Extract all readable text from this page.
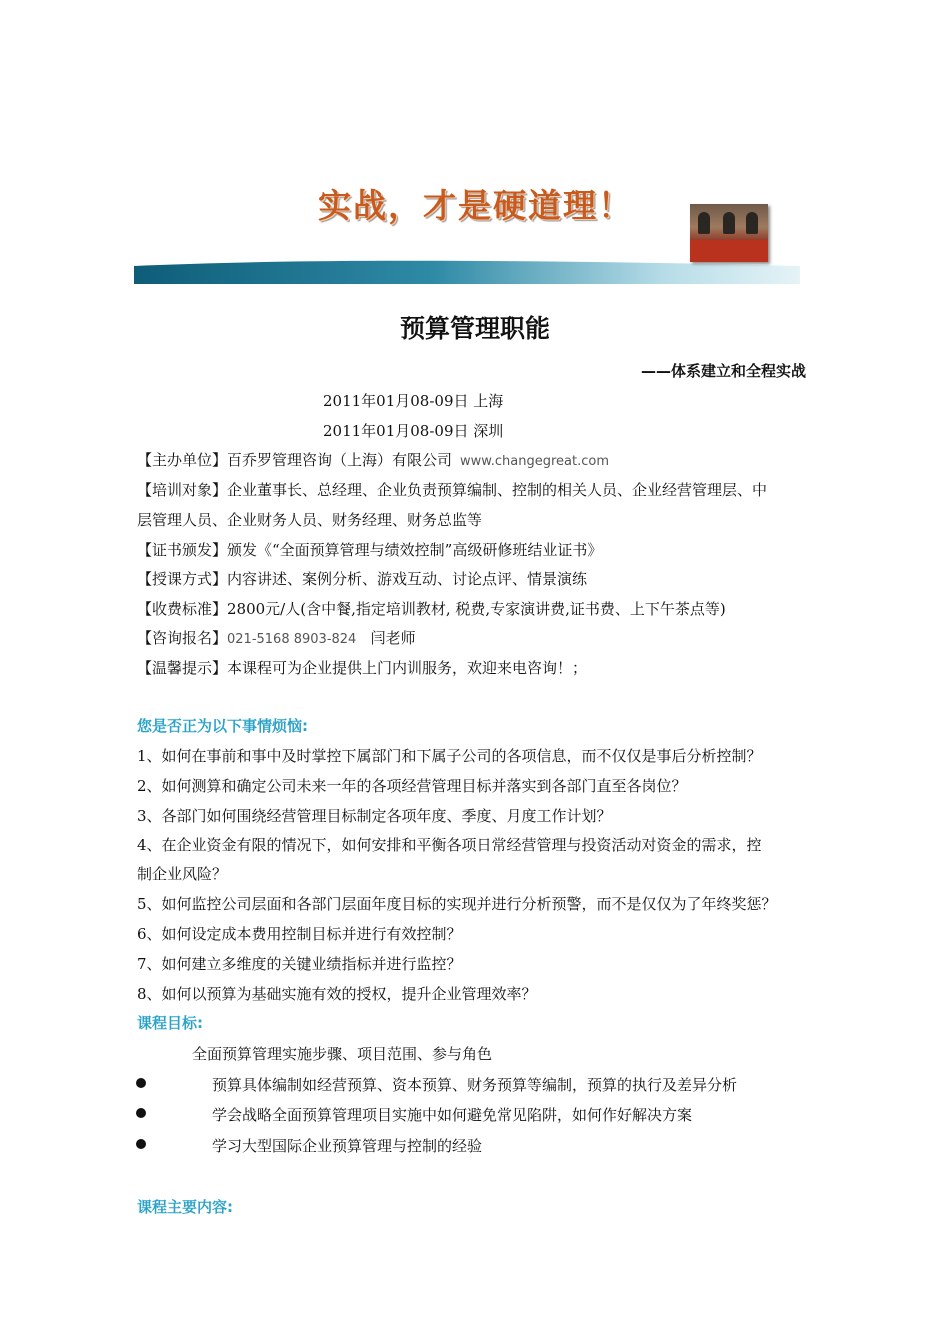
实战，才是硬道理！
预算管理职能
——体系建立和全程实战
2011年01月08-09日 上海
2011年01月08-09日 深圳
【主办单位】百乔罗管理咨询（上海）有限公司 www.changegreat.com
【培训对象】企业董事长、总经理、企业负责预算编制、控制的相关人员、企业经营管理层、中
层管理人员、企业财务人员、财务经理、财务总监等
【证书颁发】颁发《“全面预算管理与绩效控制”高级研修班结业证书》
【授课方式】内容讲述、案例分析、游戏互动、讨论点评、情景演练
【收费标准】2800元/人(含中餐,指定培训教材, 税费,专家演讲费,证书费、上下午茶点等)
【咨询报名】021-5168 8903-824 闫老师
【温馨提示】本课程可为企业提供上门内训服务，欢迎来电咨询！；
您是否正为以下事情烦恼:
1、如何在事前和事中及时掌控下属部门和下属子公司的各项信息，而不仅仅是事后分析控制？
2、如何测算和确定公司未来一年的各项经营管理目标并落实到各部门直至各岗位？
3、各部门如何围绕经营管理目标制定各项年度、季度、月度工作计划？
4、在企业资金有限的情况下，如何安排和平衡各项日常经营管理与投资活动对资金的需求，控
制企业风险？
5、如何监控公司层面和各部门层面年度目标的实现并进行分析预警，而不是仅仅为了年终奖惩？
6、如何设定成本费用控制目标并进行有效控制？
7、如何建立多维度的关键业绩指标并进行监控？
8、如何以预算为基础实施有效的授权，提升企业管理效率？
课程目标:
全面预算管理实施步骤、项目范围、参与角色
预算具体编制如经营预算、资本预算、财务预算等编制，预算的执行及差异分析
学会战略全面预算管理项目实施中如何避免常见陷阱，如何作好解决方案
学习大型国际企业预算管理与控制的经验
课程主要内容:
